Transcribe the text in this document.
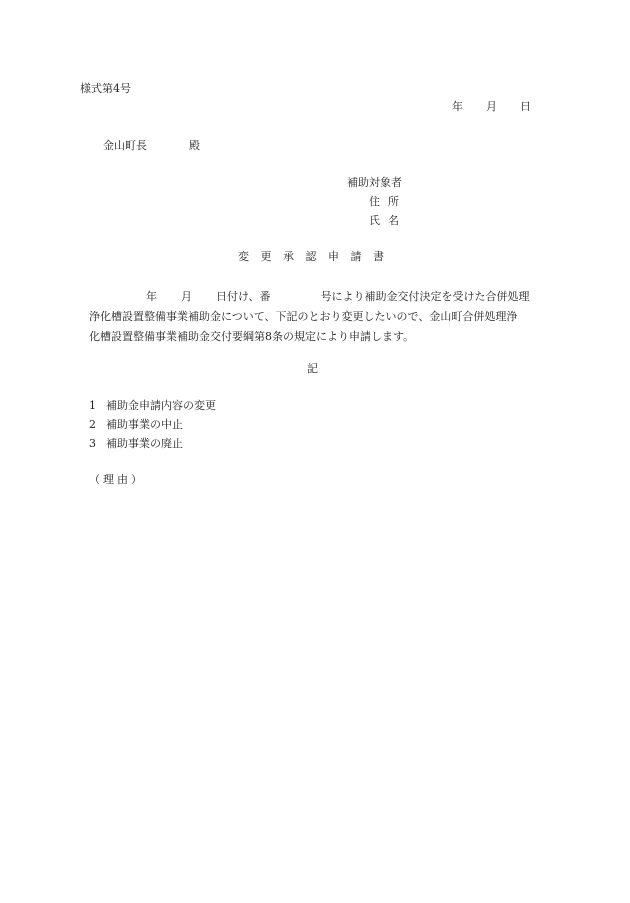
様式第4号
年 月 日
金山町長	殿
補助対象者
住所
氏名
変更承認申請書
年 月 日付け、番	号により補助金交付決定を受けた合併処理
浄化槽設置整備事業補助金について、下記のとおり変更したいので、金山町合併処理浄
化槽設置整備事業補助金交付要綱第8条の規定により申請します。
記
1 補助金申請内容の変更
2 補助事業の中止
3 補助事業の廃止
（理由）
